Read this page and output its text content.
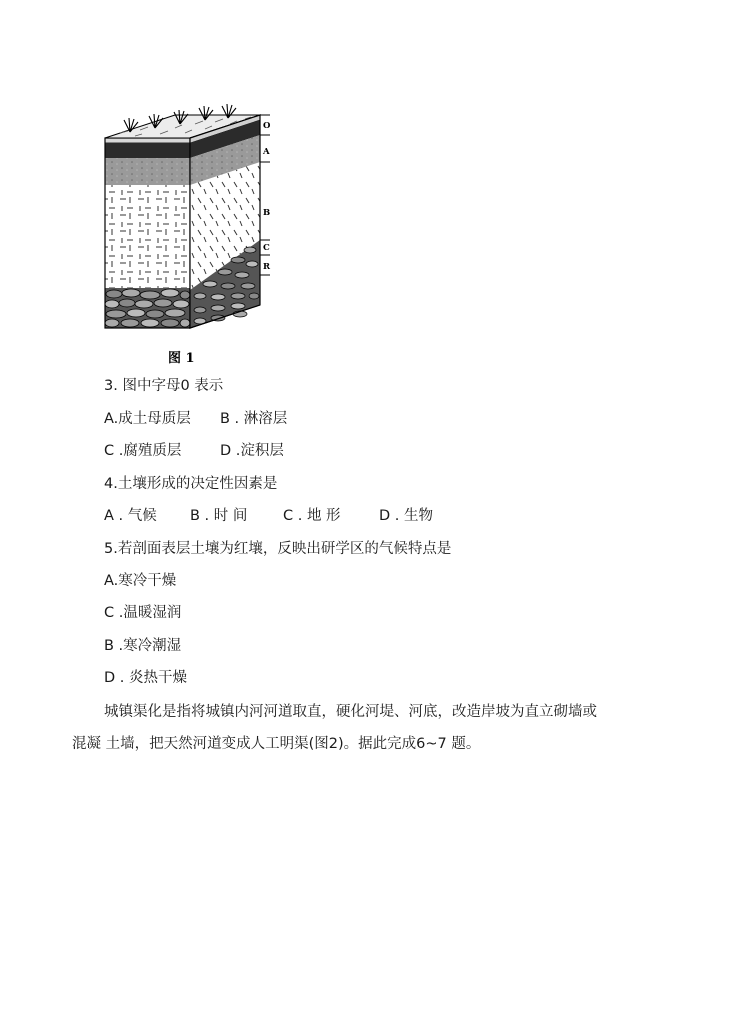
O
A
B
C
R
图 1
3. 图中字母0 表示
A.成土母质层 B . 淋溶层
C .腐殖质层	D .淀积层
4.土壤形成的决定性因素是
A . 气候 B . 时 间 C . 地 形	D . 生物
5.若剖面表层土壤为红壤，反映出研学区的气候特点是
A.寒冷干燥
C .温暖湿润
B .寒冷潮湿
D . 炎热干燥
城镇渠化是指将城镇内河河道取直，硬化河堤、河底，改造岸坡为直立砌墙或
混凝 土墙，把天然河道变成人工明渠(图2)。据此完成6~7 题。
